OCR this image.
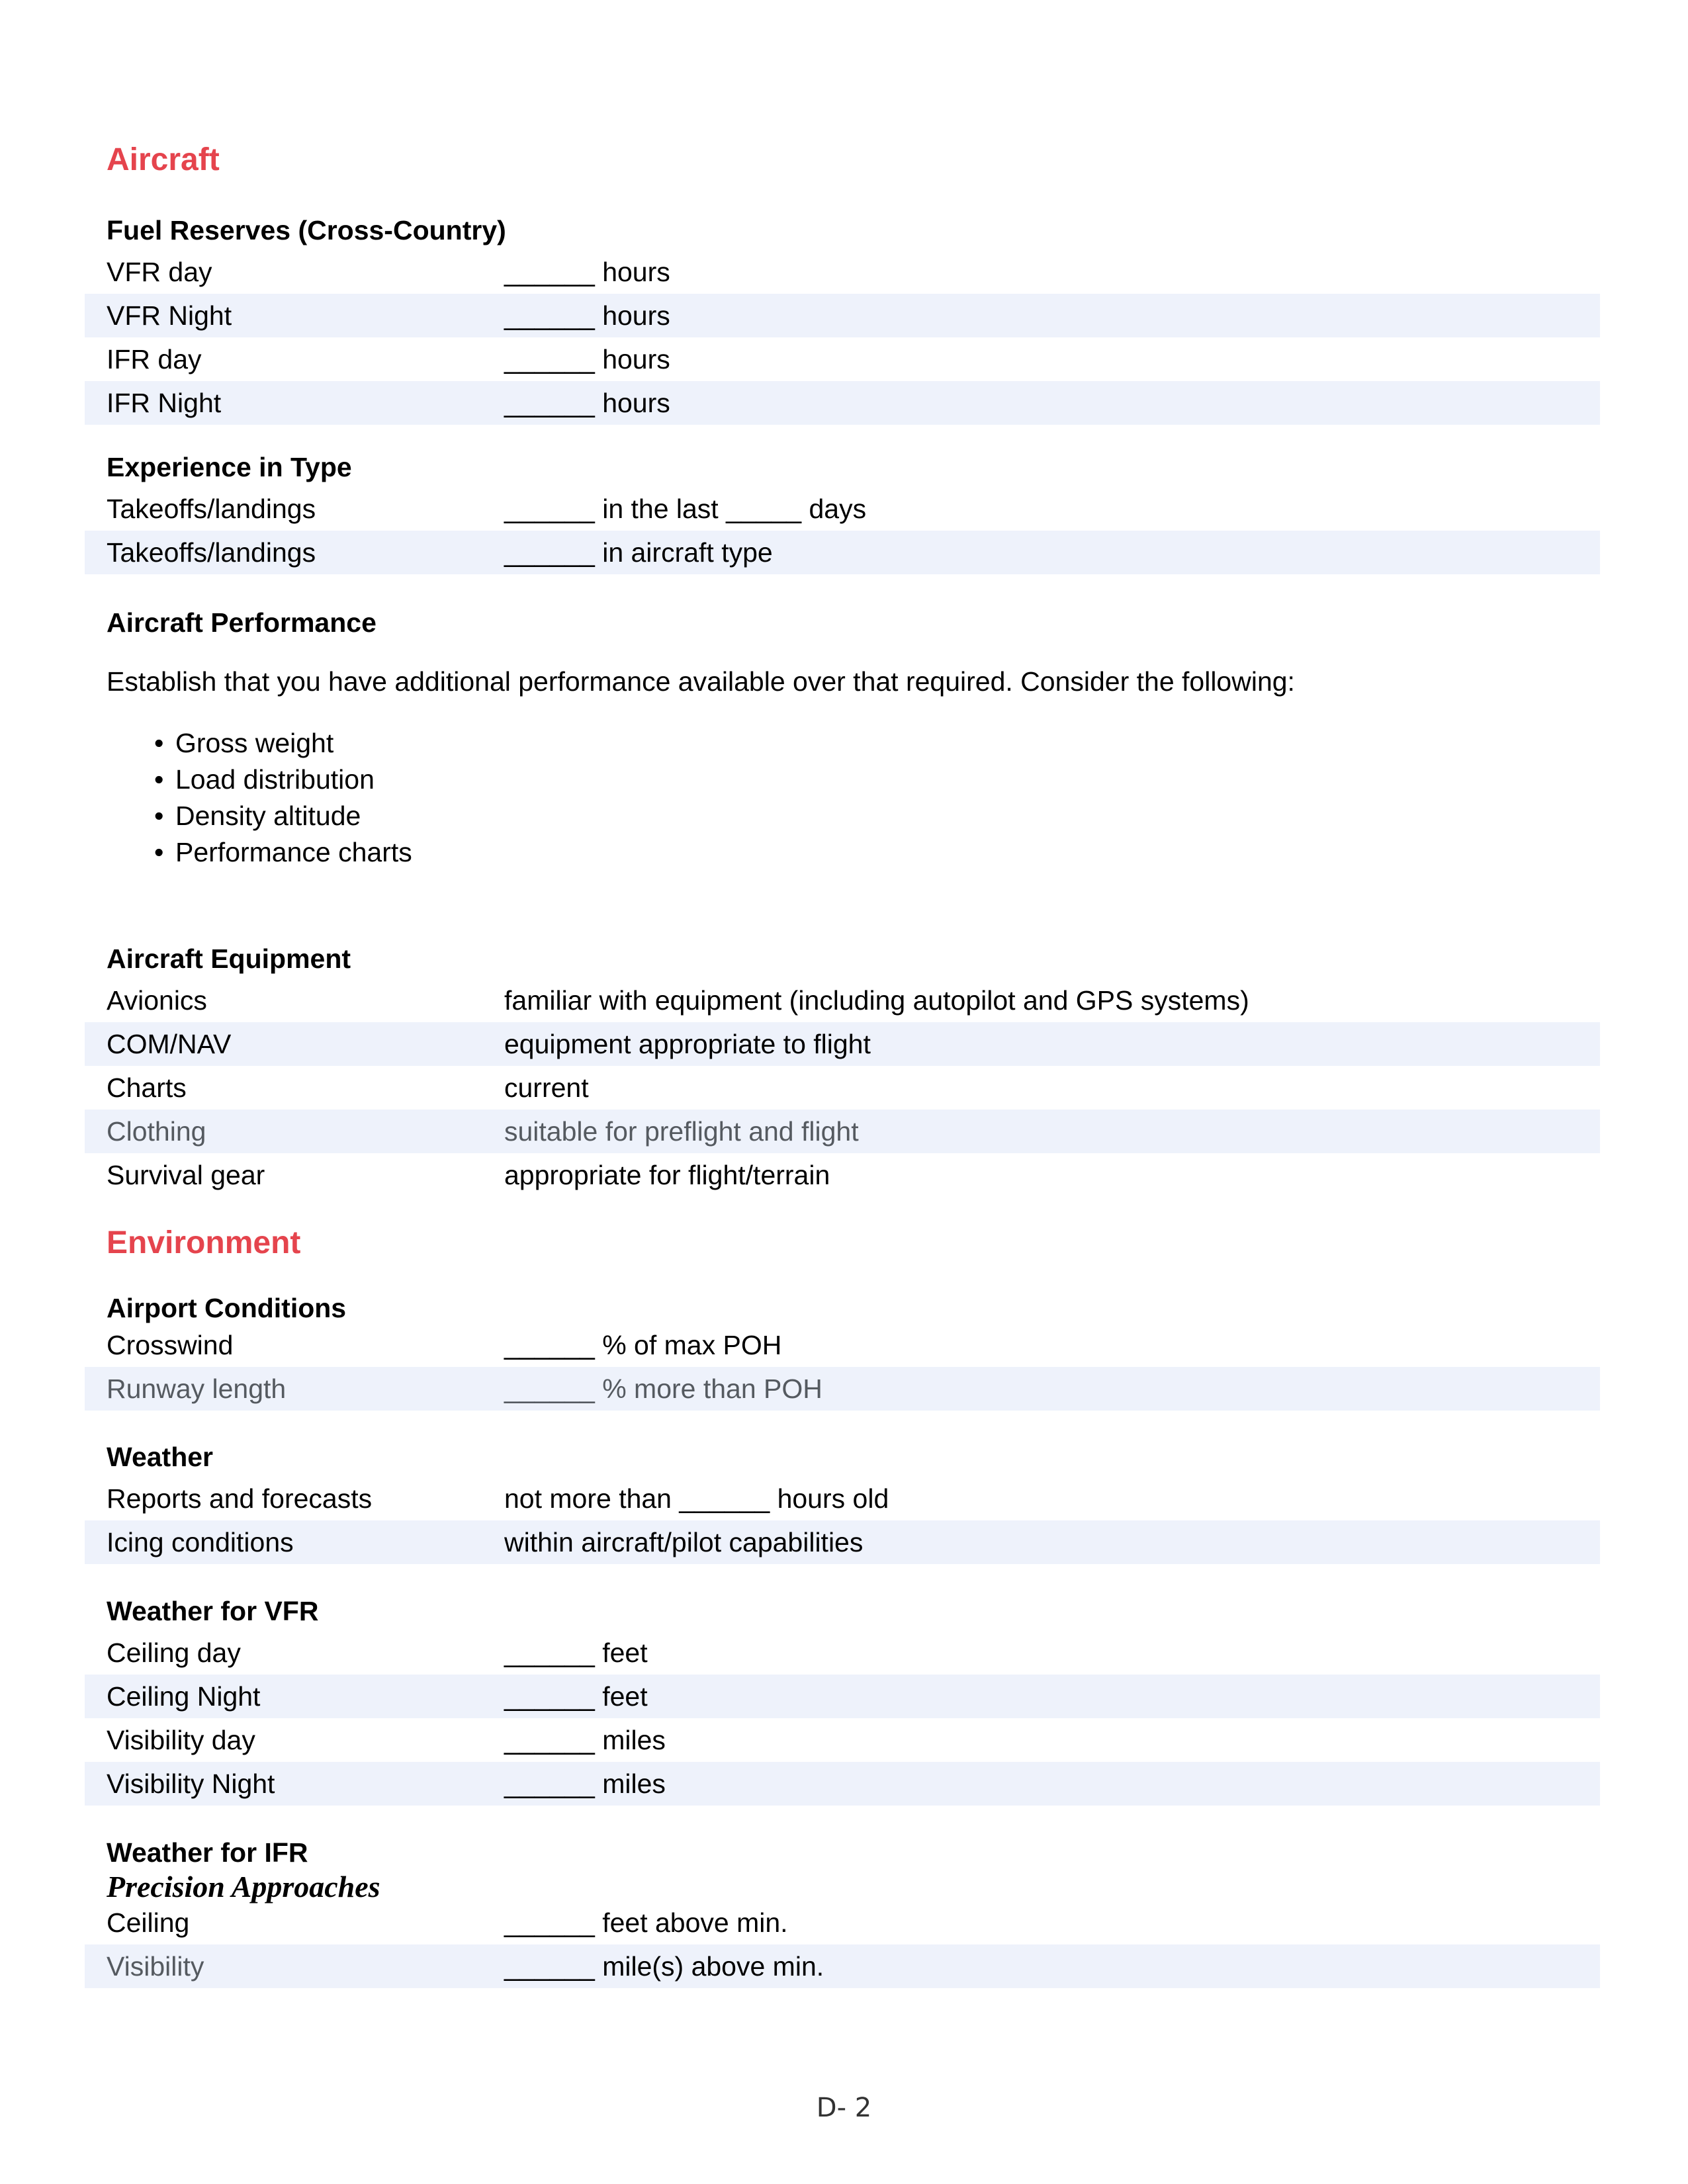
Aircraft
Fuel Reserves (Cross-Country)
VFR day	______ hours
VFR Night	______ hours
IFR day	______ hours
IFR Night	______ hours
Experience in Type
Takeoffs/landings	______ in the last _____ days
Takeoffs/landings	______ in aircraft type
Aircraft Performance
Establish that you have additional performance available over that required. Consider the following:
• Gross weight
• Load distribution
• Density altitude
• Performance charts
Aircraft Equipment
Avionics	familiar with equipment (including autopilot and GPS systems)
COM/NAV	equipment appropriate to flight
Charts	current
Clothing	suitable for preflight and flight
Survival gear	appropriate for flight/terrain
Environment
Airport Conditions
Crosswind	______ % of max POH
Runway length	______ % more than POH
Weather
Reports and forecasts	not more than ______ hours old
Icing conditions	within aircraft/pilot capabilities
Weather for VFR
Ceiling day	______ feet
Ceiling Night	______ feet
Visibility day	______ miles
Visibility Night	______ miles
Weather for IFR
Precision Approaches
Ceiling	______ feet above min.
Visibility	______ mile(s) above min.
D- 2
